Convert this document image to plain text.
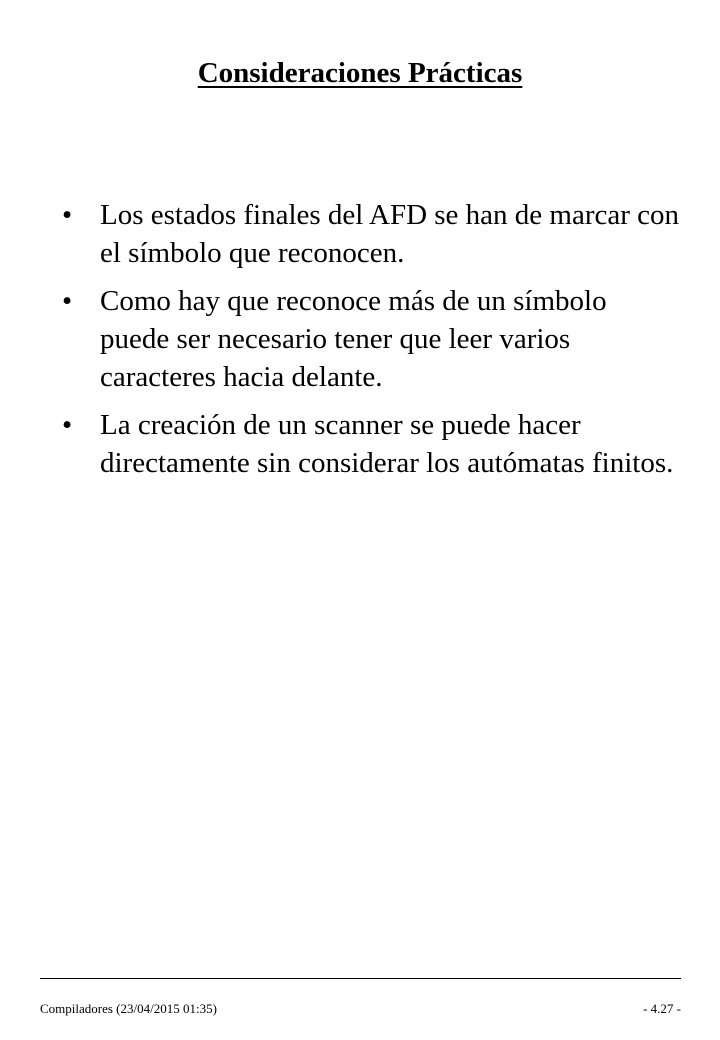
Consideraciones Prácticas
• Los estados finales del AFD se han de marcar con el símbolo que reconocen.
• Como hay que reconoce más de un símbolo puede ser necesario tener que leer varios caracteres hacia delante.
• La creación de un scanner se puede hacer directamente sin considerar los autómatas finitos.
Compiladores (23/04/2015 01:35)	- 4.27 -
